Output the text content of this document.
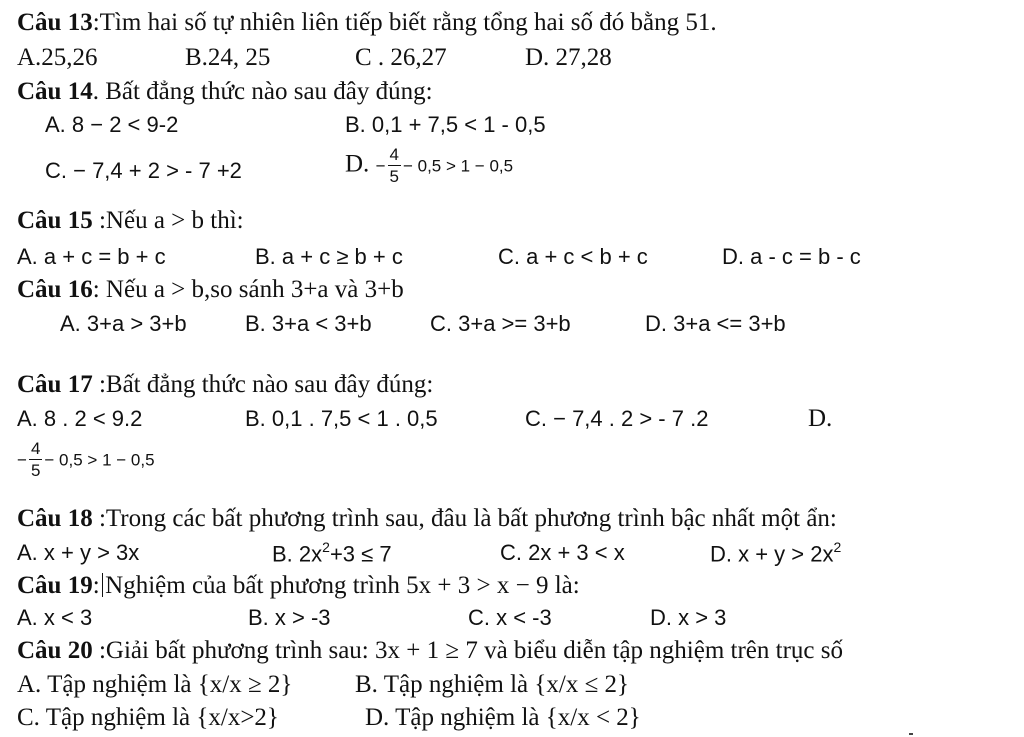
Câu 13:Tìm hai số tự nhiên liên tiếp biết rằng tổng hai số đó bằng 51.
A.25,26	B.24, 25	C . 26,27	D. 27,28
Câu 14. Bất đẳng thức nào sau đây đúng:
A. 8 − 2 < 9-2	B. 0,1 + 7,5 < 1 - 0,5
C. − 7,4 + 2 > - 7 +2	D. − $\frac{4}{5} - 0,5 > 1 - 0,5$
Câu 15 :Nếu a > b thì:
A. a + c = b + c	B. a + c ≥ b + c	C. a + c < b + c	D. a - c = b - c
Câu 16: Nếu a > b,so sánh 3+a và 3+b
A. 3+a > 3+b	B. 3+a < 3+b	C. 3+a >= 3+b	D. 3+a <= 3+b
Câu 17 :Bất đẳng thức nào sau đây đúng:
A. 8 . 2 < 9.2	B. 0,1 . 7,5 < 1 . 0,5	C. − 7,4 . 2 > - 7 .2	D.
− $\frac{4}{5} - 0,5 > 1 - 0,5$
Câu 18 :Trong các bất phương trình sau, đâu là bất phương trình bậc nhất một ẩn:
A. x + y > 3x	B. $2x^2+3 \le 7$	C. 2x + 3 < x	D. $x + y > 2x^2$
Câu 19: Nghiệm của bất phương trình 5x + 3 > x − 9 là:
A. x < 3	B. x > -3	C. x < -3	D. x > 3
Câu 20 :Giải bất phương trình sau: 3x + 1 ≥ 7 và biểu diễn tập nghiệm trên trục số
A. Tập nghiệm là {x/x ≥ 2}	B. Tập nghiệm là {x/x ≤ 2}
C. Tập nghiệm là {x/x>2}	D. Tập nghiệm là {x/x < 2}
